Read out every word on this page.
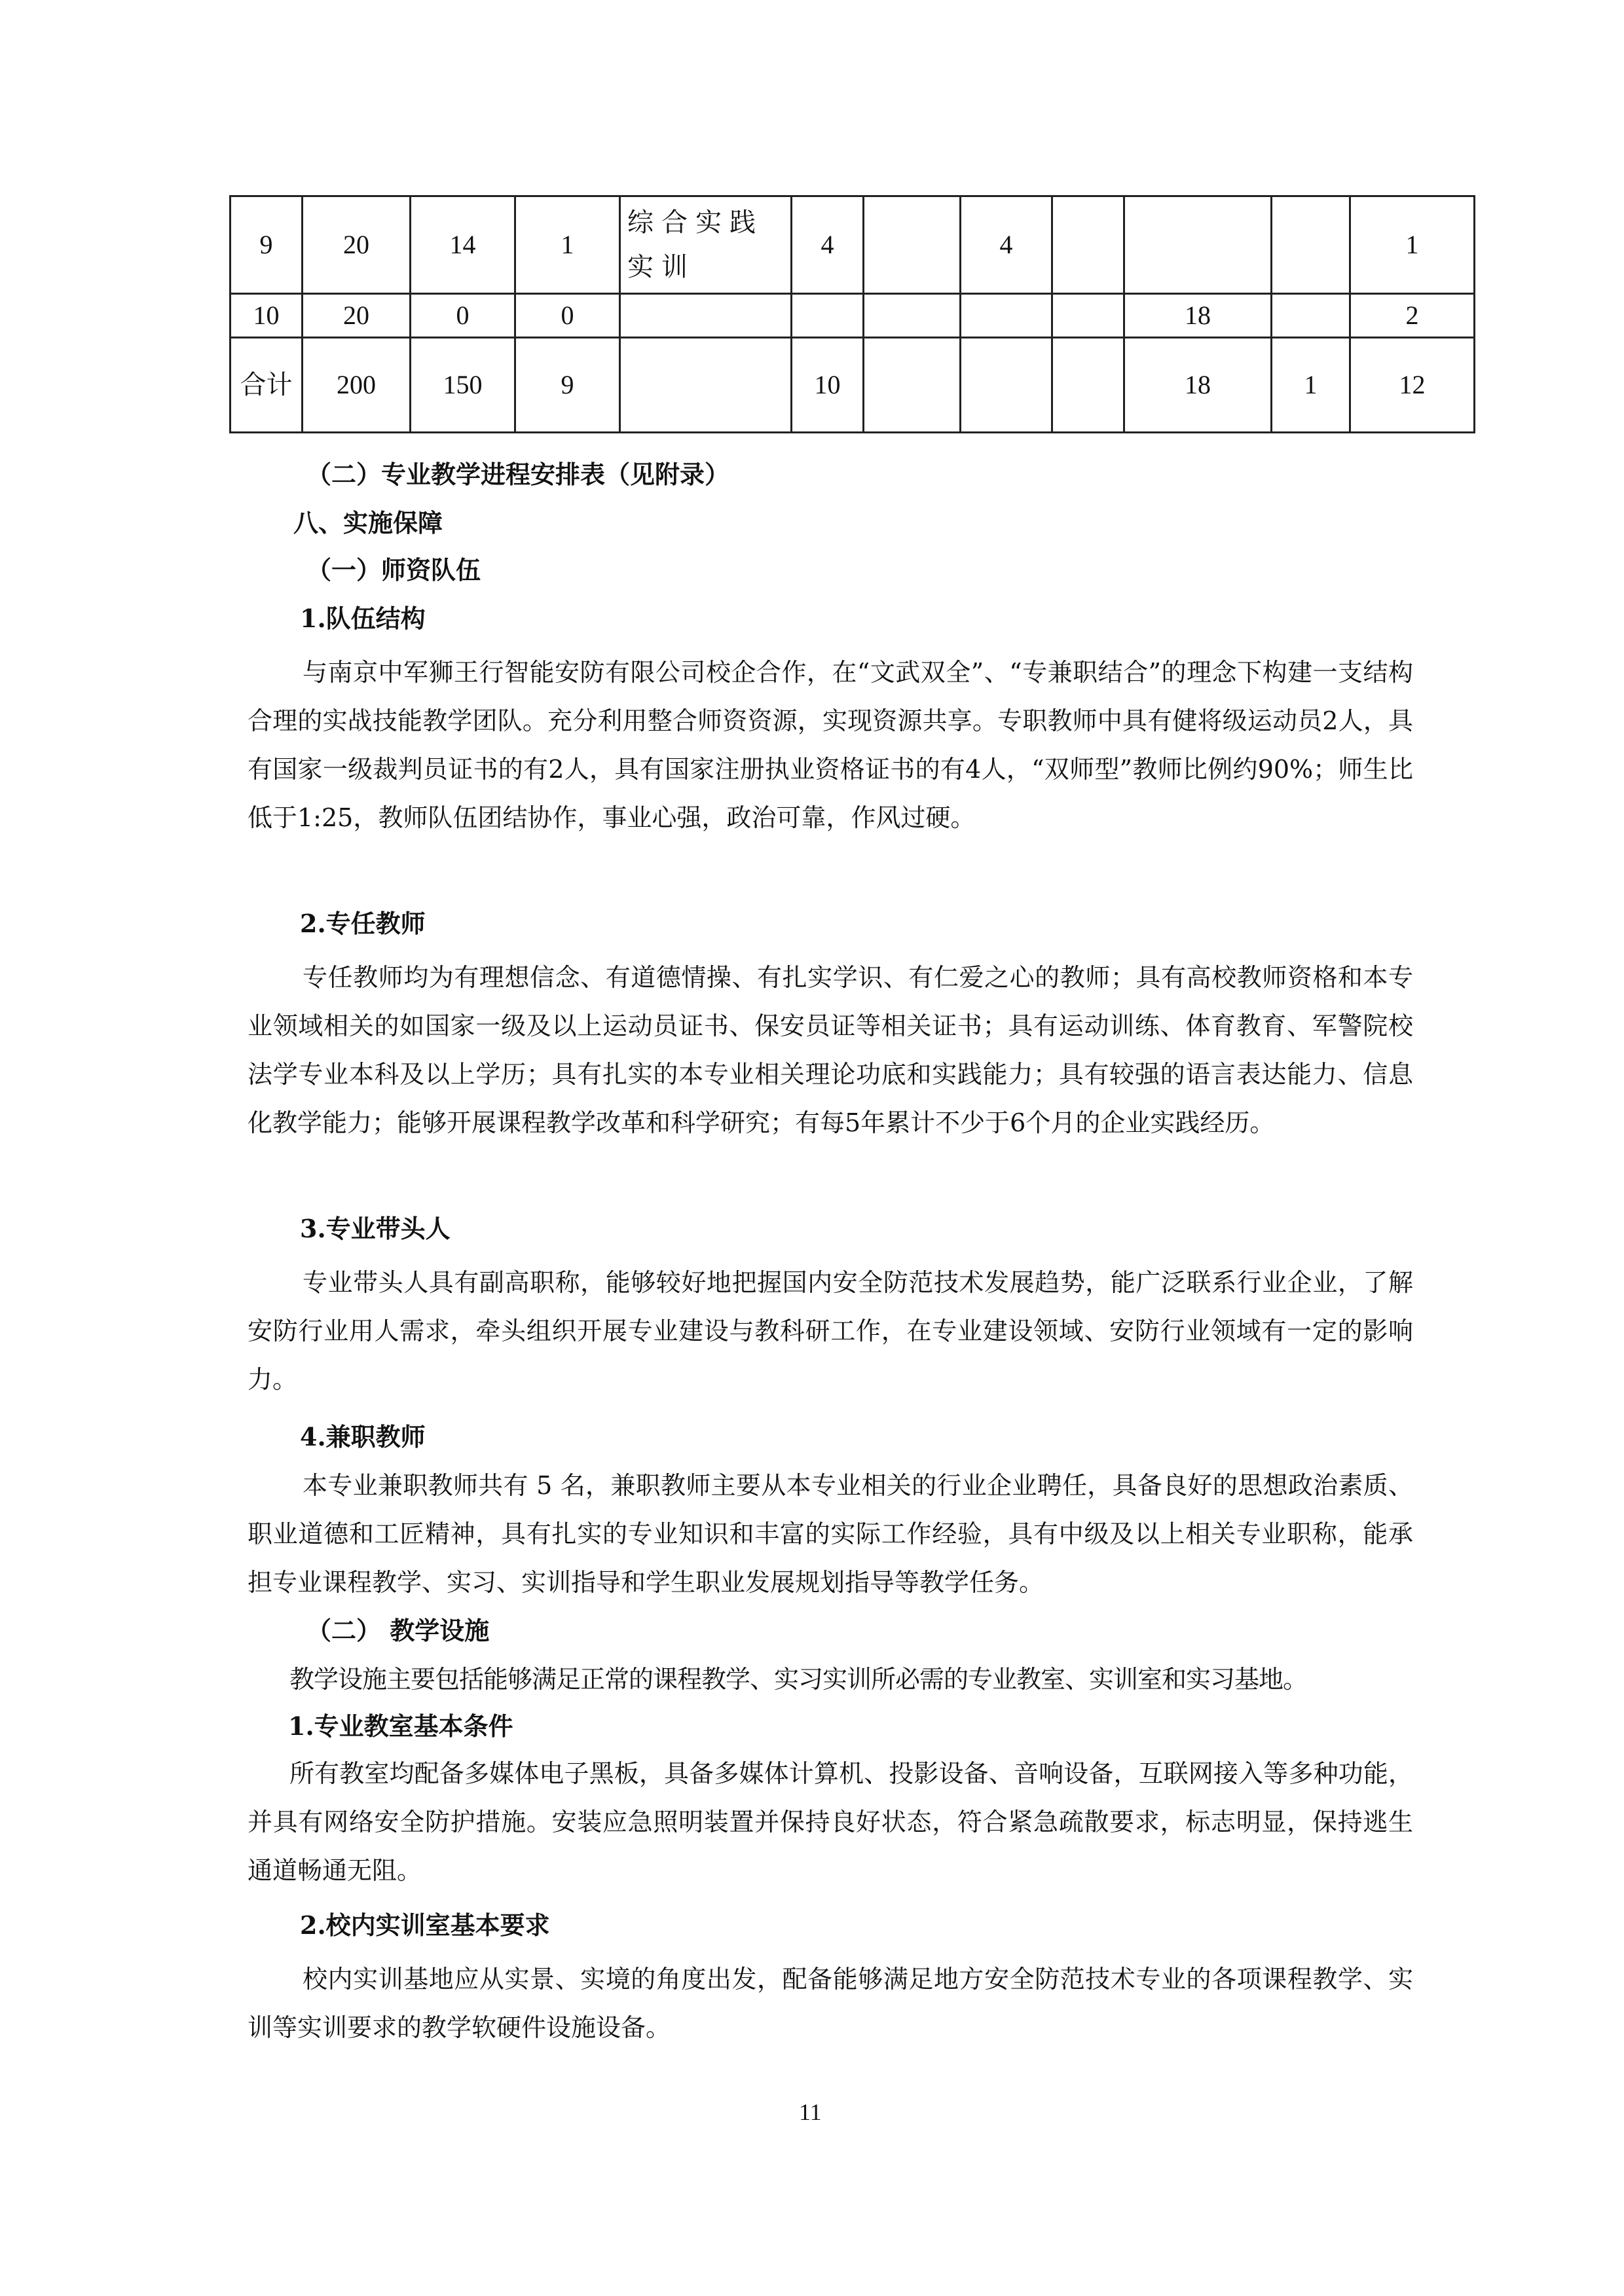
9	20	14	1	综合实践实训	4		4				1
10	20	0	0						18		2
合计	200	150	9		10				18	1	12
（二）专业教学进程安排表（见附录）
八、实施保障
（一）师资队伍
1.队伍结构

与南京中军狮王行智能安防有限公司校企合作，在“文武双全”、“专兼职结合”的理念下构建一支结构合理的实战技能教学团队。充分利用整合师资资源，实现资源共享。专职教师中具有健将级运动员2人，具有国家一级裁判员证书的有2人，具有国家注册执业资格证书的有4人，“双师型”教师比例约90%；师生比低于1:25，教师队伍团结协作，事业心强，政治可靠，作风过硬。

2.专任教师

专任教师均为有理想信念、有道德情操、有扎实学识、有仁爱之心的教师；具有高校教师资格和本专业领域相关的如国家一级及以上运动员证书、保安员证等相关证书；具有运动训练、体育教育、军警院校法学专业本科及以上学历；具有扎实的本专业相关理论功底和实践能力；具有较强的语言表达能力、信息化教学能力；能够开展课程教学改革和科学研究；有每5年累计不少于6个月的企业实践经历。

3.专业带头人

专业带头人具有副高职称，能够较好地把握国内安全防范技术发展趋势，能广泛联系行业企业，了解安防行业用人需求，牵头组织开展专业建设与教科研工作，在专业建设领域、安防行业领域有一定的影响力。

4.兼职教师

本专业兼职教师共有 5 名，兼职教师主要从本专业相关的行业企业聘任，具备良好的思想政治素质、职业道德和工匠精神，具有扎实的专业知识和丰富的实际工作经验，具有中级及以上相关专业职称，能承担专业课程教学、实习、实训指导和学生职业发展规划指导等教学任务。

（二） 教学设施

教学设施主要包括能够满足正常的课程教学、实习实训所必需的专业教室、实训室和实习基地。

1.专业教室基本条件

所有教室均配备多媒体电子黑板，具备多媒体计算机、投影设备、音响设备，互联网接入等多种功能，并具有网络安全防护措施。安装应急照明装置并保持良好状态，符合紧急疏散要求，标志明显，保持逃生通道畅通无阻。

2.校内实训室基本要求

校内实训基地应从实景、实境的角度出发，配备能够满足地方安全防范技术专业的各项课程教学、实训等实训要求的教学软硬件设施设备。

11
